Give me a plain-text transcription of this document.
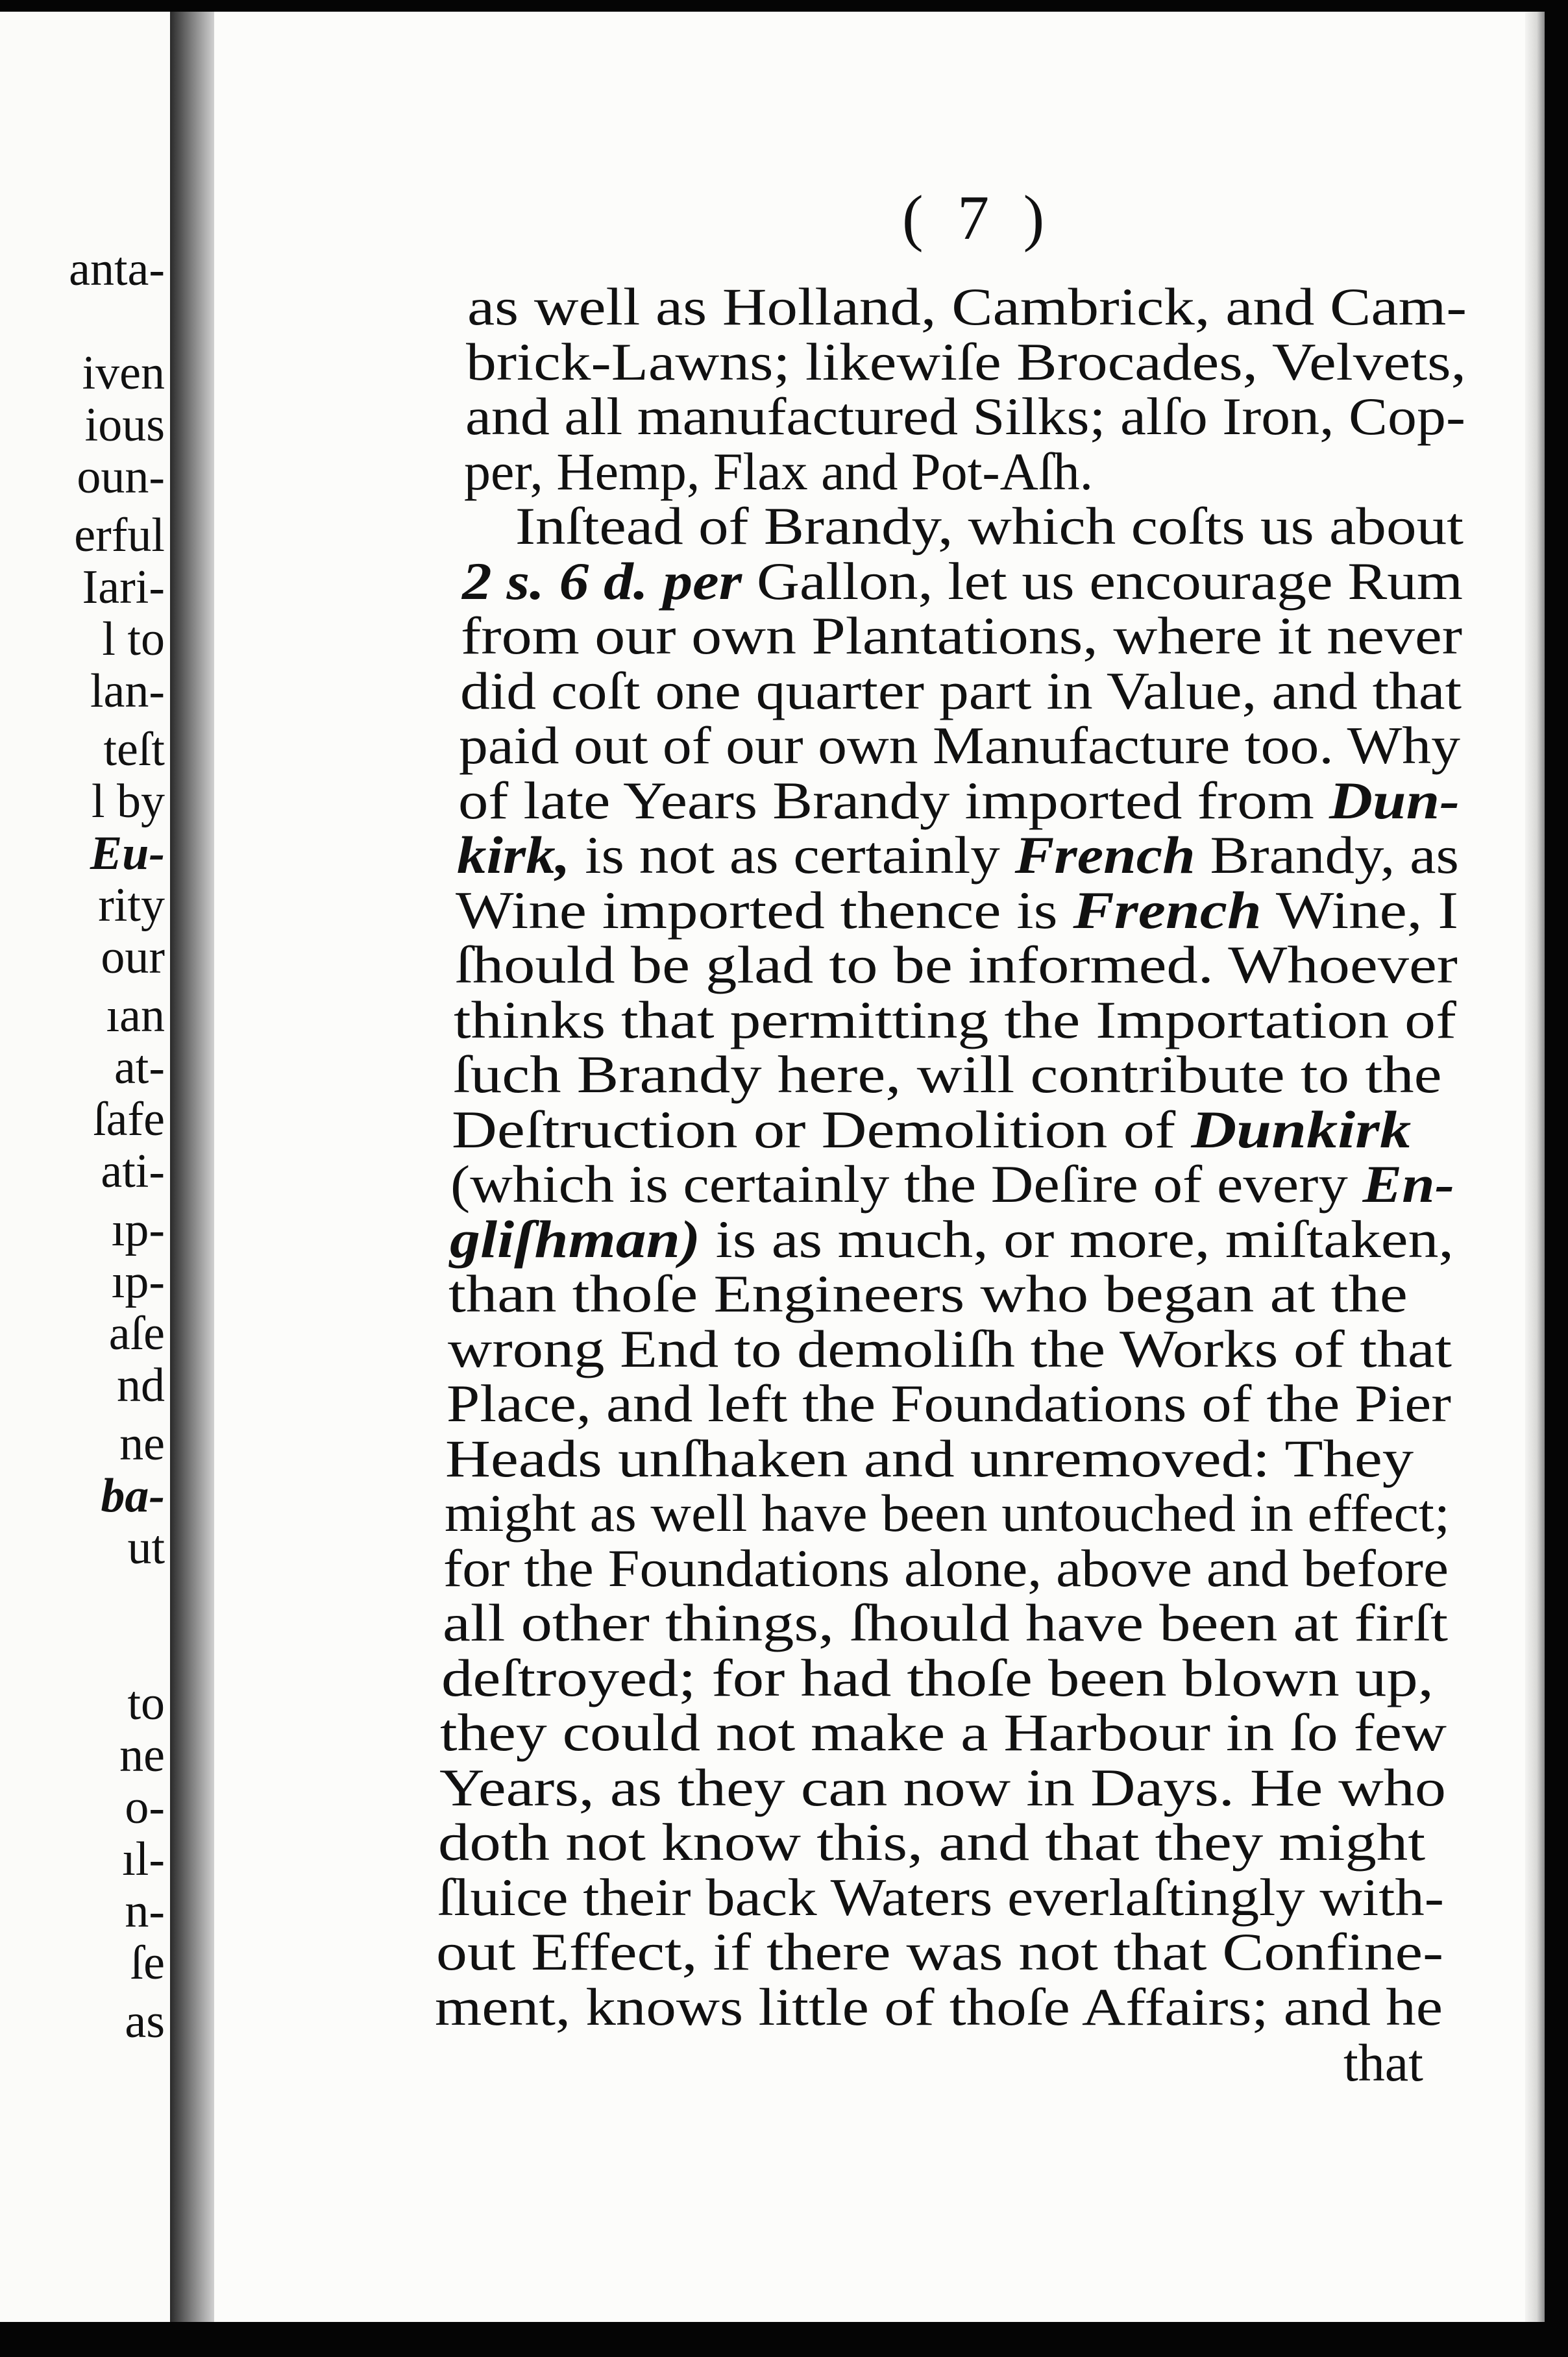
anta-
iven
ious
oun-
erful
Iari-
l to
lan-
teſt
l by
Eu-
rity
our
ıan
at-
ſafe
ati-
ıp-
ıp-
aſe
nd
ne
ba-
ut
to
ne
o-
ıl-
n-
ſe
as
( 7 )
as well as Holland, Cambrick, and Cam-
brick-Lawns; likewiſe Brocades, Velvets,
and all manufactured Silks; alſo Iron, Cop-
per, Hemp, Flax and Pot-Aſh.
Inſtead of Brandy, which coſts us about
2 s. 6 d. per Gallon, let us encourage Rum
from our own Plantations, where it never
did coſt one quarter part in Value, and that
paid out of our own Manufacture too. Why
of late Years Brandy imported from Dun-
kirk, is not as certainly French Brandy, as
Wine imported thence is French Wine, I
ſhould be glad to be informed. Whoever
thinks that permitting the Importation of
ſuch Brandy here, will contribute to the
Deſtruction or Demolition of Dunkirk
(which is certainly the Deſire of every En-
gliſhman) is as much, or more, miſtaken,
than thoſe Engineers who began at the
wrong End to demoliſh the Works of that
Place, and left the Foundations of the Pier
Heads unſhaken and unremoved: They
might as well have been untouched in effect;
for the Foundations alone, above and before
all other things, ſhould have been at firſt
deſtroyed; for had thoſe been blown up,
they could not make a Harbour in ſo few
Years, as they can now in Days. He who
doth not know this, and that they might
ſluice their back Waters everlaſtingly with-
out Effect, if there was not that Confine-
ment, knows little of thoſe Affairs; and he
that
